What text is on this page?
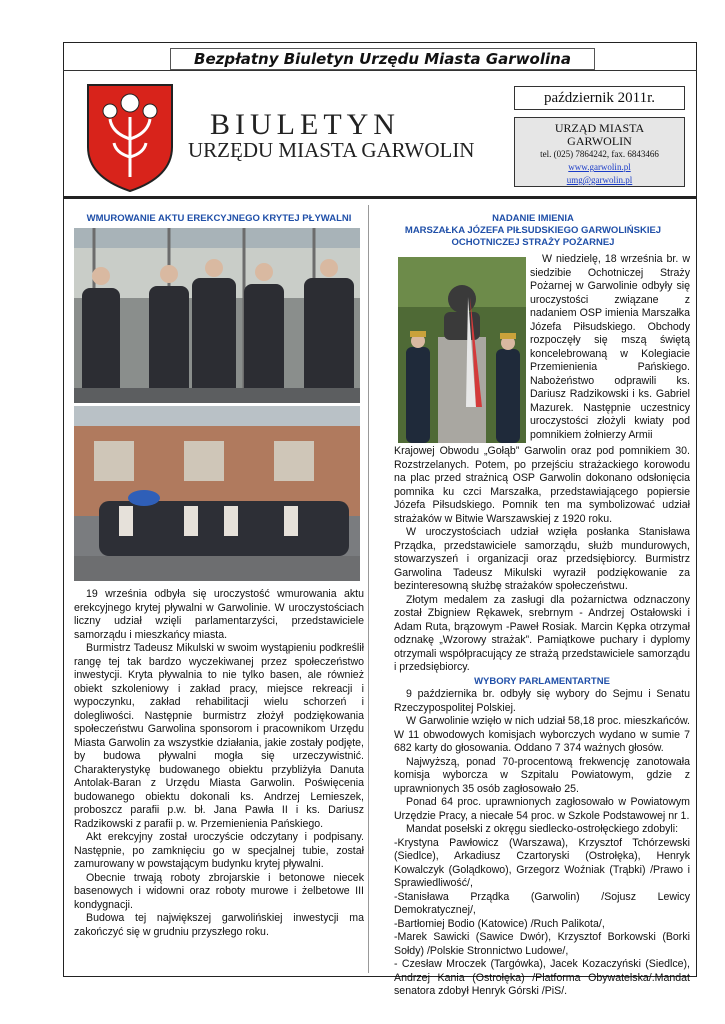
Bezpłatny Biuletyn Urzędu Miasta Garwolina
BIULETYN
URZĘDU MIASTA GARWOLIN
październik 2011r.
URZĄD MIASTA
GARWOLIN
tel. (025) 7864242, fax. 6843466
www.garwolin.pl
umg@garwolin.pl
WMUROWANIE AKTU EREKCYJNEGO KRYTEJ PŁYWALNI

19 września odbyła się uroczystość wmurowania aktu erekcyjnego krytej pływalni w Garwolinie. W uroczystościach liczny udział wzięli parlamentarzyści, przedstawiciele samorządu i mieszkańcy miasta.

Burmistrz Tadeusz Mikulski w swoim wystąpieniu podkreślił rangę tej tak bardzo wyczekiwanej przez społeczeństwo inwestycji. Kryta pływalnia to nie tylko basen, ale również obiekt szkoleniowy i zakład pracy, miejsce rekreacji i wypoczynku, zakład rehabilitacji wielu schorzeń i dolegliwości. Następnie burmistrz złożył podziękowania społeczeństwu Garwolina sponsorom i pracownikom Urzędu Miasta Garwolin za wszystkie działania, jakie zostały podjęte, by budowa pływalni mogła się urzeczywistnić. Charakterystykę budowanego obiektu przybliżyła Danuta Antolak-Baran z Urzędu Miasta Garwolin. Poświęcenia budowanego obiektu dokonali ks. Andrzej Lemieszek, proboszcz parafii p.w. bł. Jana Pawła II i ks. Dariusz Radzikowski z parafii p. w. Przemienienia Pańskiego.

Akt erekcyjny został uroczyście odczytany i podpisany. Następnie, po zamknięciu go w specjalnej tubie, został zamurowany w powstającym budynku krytej pływalni.

Obecnie trwają roboty zbrojarskie i betonowe niecek basenowych i widowni oraz roboty murowe i żelbetowe III kondygnacji.

Budowa tej największej garwolińskiej inwestycji ma zakończyć się w grudniu przyszłego roku.

NADANIE IMIENIA
MARSZAŁKA JÓZEFA PIŁSUDSKIEGO GARWOLIŃSKIEJ
OCHOTNICZEJ STRAŻY POŻARNEJ

W niedzielę, 18 września br. w siedzibie Ochotniczej Straży Pożarnej w Garwolinie odbyły się uroczystości związane z nadaniem OSP imienia Marszałka Józefa Piłsudskiego. Obchody rozpoczęły się mszą świętą koncelebrowaną w Kolegiacie Przemienienia Pańskiego. Nabożeństwo odprawili ks. Dariusz Radzikowski i ks. Gabriel Mazurek. Następnie uczestnicy uroczystości złożyli kwiaty pod pomnikiem żołnierzy Armii

Krajowej Obwodu „Gołąb” Garwolin oraz pod pomnikiem 30. Rozstrzelanych. Potem, po przejściu strażackiego korowodu na plac przed strażnicą OSP Garwolin dokonano odsłonięcia pomnika ku czci Marszałka, przedstawiającego popiersie Józefa Piłsudskiego. Pomnik ten ma symbolizować udział strażaków w Bitwie Warszawskiej z 1920 roku.

W uroczystościach udział wzięła posłanka Stanisława Prządka, przedstawiciele samorządu, służb mundurowych, stowarzyszeń i organizacji oraz przedsiębiorcy. Burmistrz Garwolina Tadeusz Mikulski wyraził podziękowanie za bezinteresowną służbę strażaków społeczeństwu.

Złotym medalem za zasługi dla pożarnictwa odznaczony został Zbigniew Rękawek, srebrnym - Andrzej Ostałowski i Adam Ruta, brązowym -Paweł Rosiak. Marcin Kępka otrzymał odznakę „Wzorowy strażak”. Pamiątkowe puchary i dyplomy otrzymali współpracujący ze strażą przedstawiciele samorządu i przedsiębiorcy.

WYBORY PARLAMENTARTNE

9 października br. odbyły się wybory do Sejmu i Senatu Rzeczypospolitej Polskiej.

W Garwolinie wzięło w nich udział 58,18 proc. mieszkańców. W 11 obwodowych komisjach wyborczych wydano w sumie 7 682 karty do głosowania. Oddano 7 374 ważnych głosów.

Najwyższą, ponad 70-procentową frekwencję zanotowała komisja wyborcza w Szpitalu Powiatowym, gdzie z uprawnionych 35 osób zagłosowało 25.

Ponad 64 proc. uprawnionych zagłosowało w Powiatowym Urzędzie Pracy, a niecałe 54 proc. w Szkole Podstawowej nr 1.

Mandat posełski z okręgu siedlecko-ostrołęckiego zdobyli:

-Krystyna Pawłowicz (Warszawa), Krzysztof Tchórzewski (Siedlce), Arkadiusz Czartoryski (Ostrołęka), Henryk Kowalczyk (Golądkowo), Grzegorz Woźniak (Trąbki) /Prawo i Sprawiedliwość/,

-Stanisława Prządka (Garwolin) /Sojusz Lewicy Demokratycznej/,

-Bartłomiej Bodio (Katowice) /Ruch Palikota/,

-Marek Sawicki (Sawice Dwór), Krzysztof Borkowski (Borki Sołdy) /Polskie Stronnictwo Ludowe/,

- Czesław Mroczek (Targówka), Jacek Kozaczyński (Siedlce), Andrzej Kania (Ostrołęka) /Platforma Obywatelska/.Mandat senatora zdobył Henryk Górski /PiS/.
